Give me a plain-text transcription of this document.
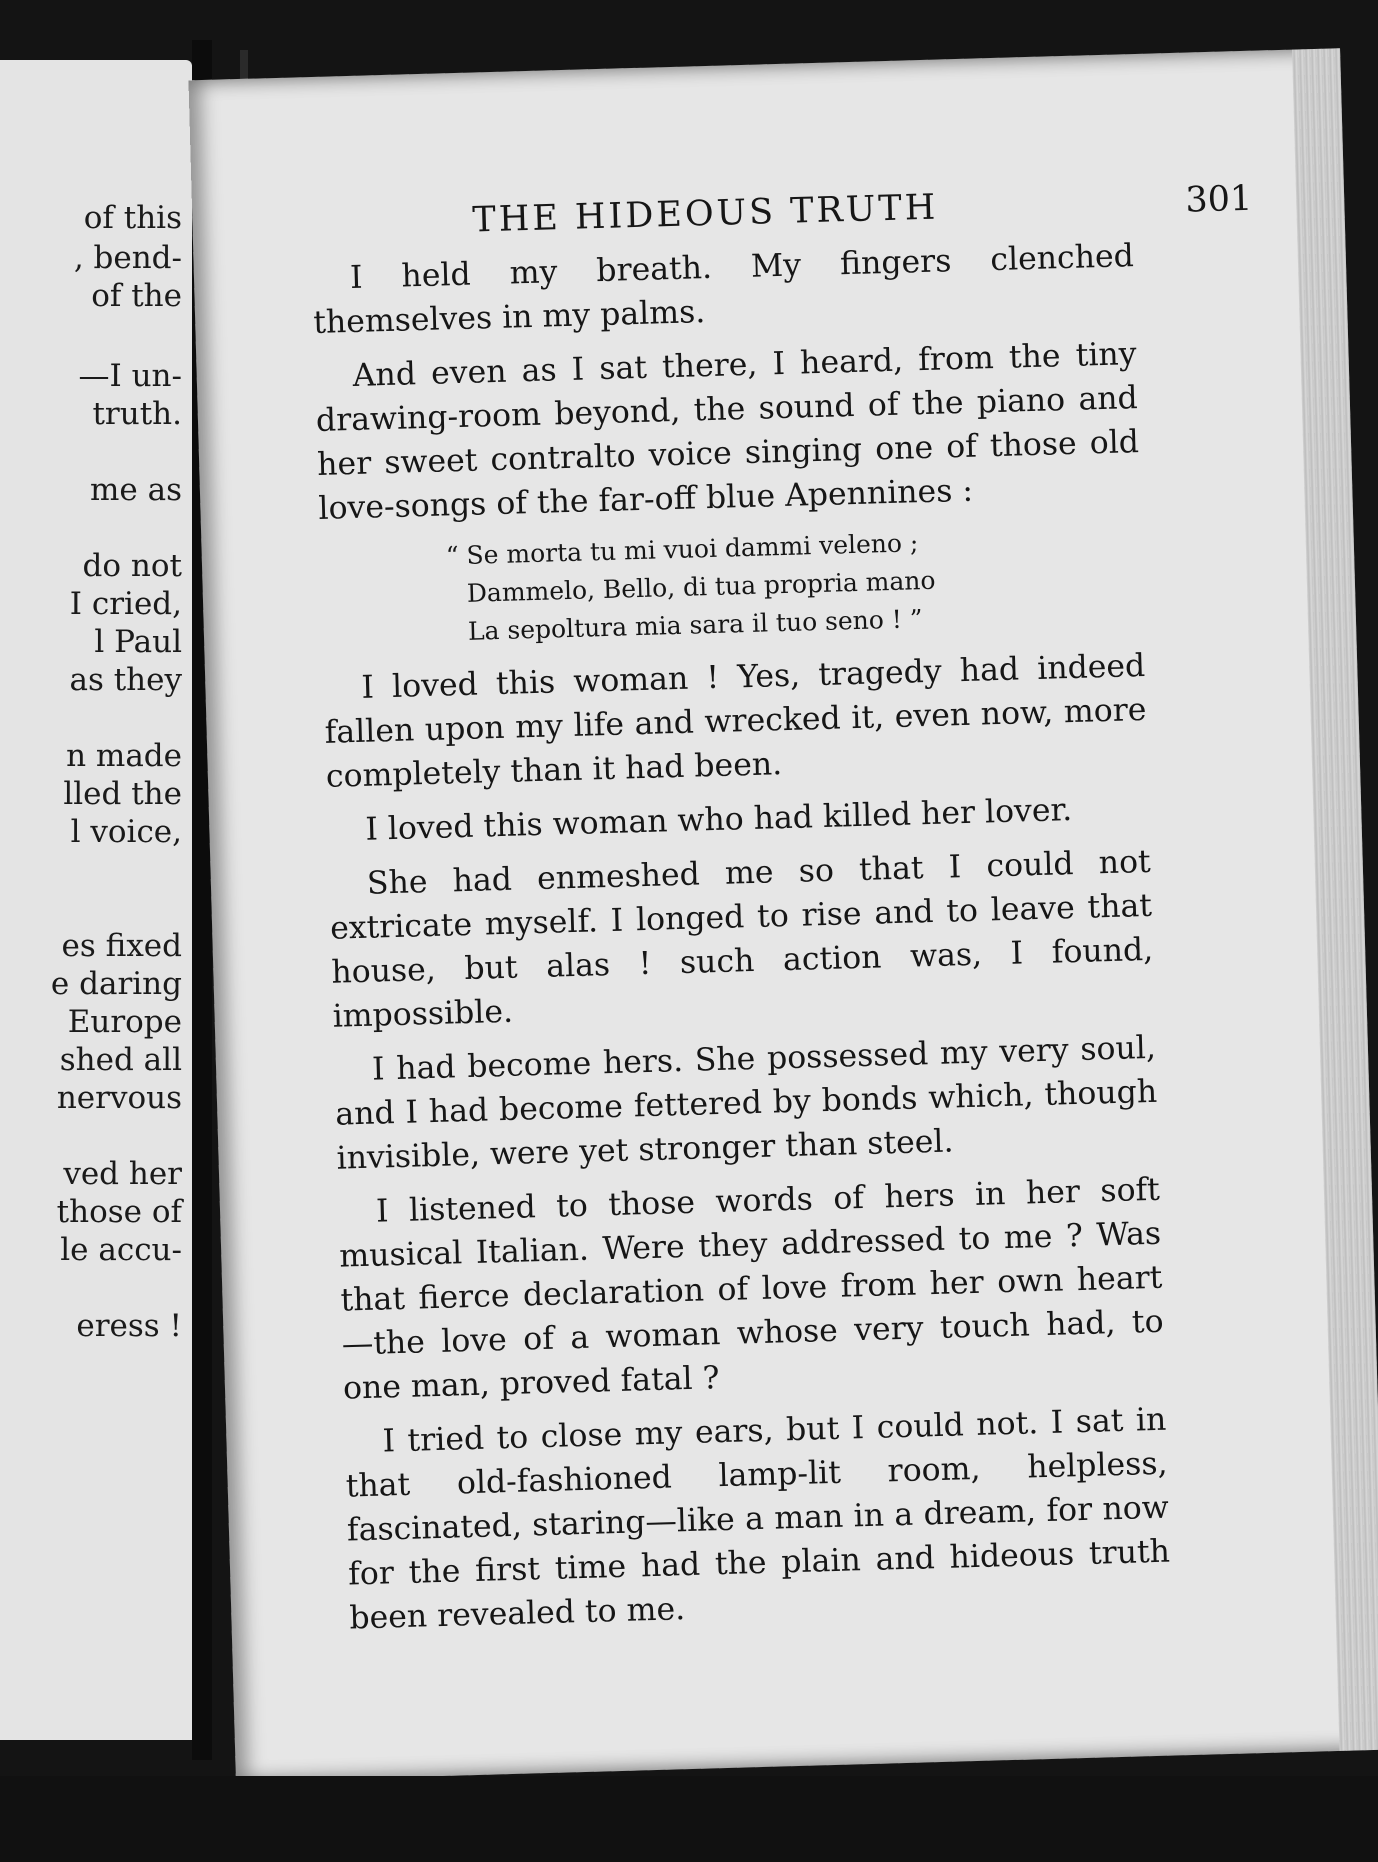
of this
, bend-
of the
—I un-
truth.
me as
do not
I cried,
l Paul
as they
n made
lled the
l voice,
es fixed
e daring
Europe
shed all
nervous
ved her
those of
le accu-
eress !
THE HIDEOUS TRUTH	301

I held my breath. My fingers clenched themselves in my palms.

And even as I sat there, I heard, from the tiny drawing-room beyond, the sound of the piano and her sweet contralto voice singing one of those old love-songs of the far-off blue Apennines :

“ Se morta tu mi vuoi dammi veleno ;
Dammelo, Bello, di tua propria mano
La sepoltura mia sara il tuo seno ! ”

I loved this woman ! Yes, tragedy had indeed fallen upon my life and wrecked it, even now, more completely than it had been.

I loved this woman who had killed her lover.

She had enmeshed me so that I could not extricate myself. I longed to rise and to leave that house, but alas ! such action was, I found, impossible.

I had become hers. She possessed my very soul, and I had become fettered by bonds which, though invisible, were yet stronger than steel.

I listened to those words of hers in her soft musical Italian. Were they addressed to me ? Was that fierce declaration of love from her own heart—the love of a woman whose very touch had, to one man, proved fatal ?

I tried to close my ears, but I could not. I sat in that old-fashioned lamp-lit room, helpless, fascinated, staring—like a man in a dream, for now for the first time had the plain and hideous truth been revealed to me.
